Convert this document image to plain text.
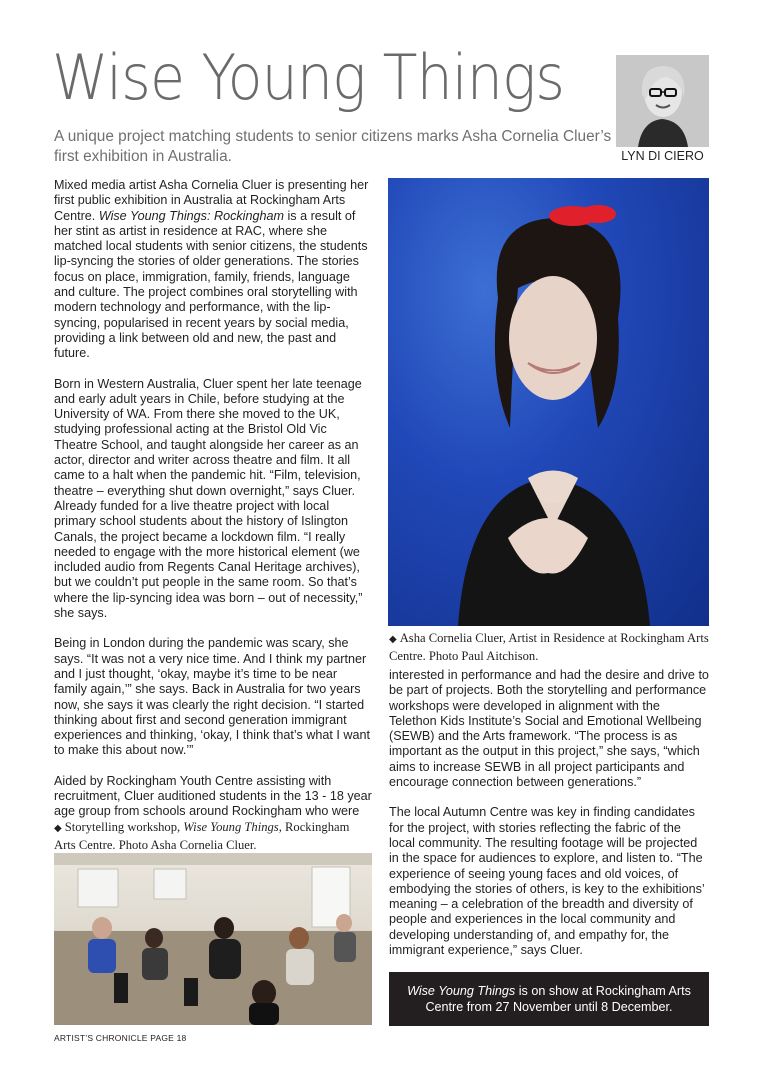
Wise Young Things

A unique project matching students to senior citizens marks Asha Cornelia Cluer’s first exhibition in Australia.	LYN DI CIERO

Mixed media artist Asha Cornelia Cluer is presenting her first public exhibition in Australia at Rockingham Arts Centre. Wise Young Things: Rockingham is a result of her stint as artist in residence at RAC, where she matched local students with senior citizens, the students lip-syncing the stories of older generations. The stories focus on place, immigration, family, friends, language and culture. The project combines oral storytelling with modern technology and performance, with the lip-syncing, popularised in recent years by social media, providing a link between old and new, the past and future.

Born in Western Australia, Cluer spent her late teenage and early adult years in Chile, before studying at the University of WA. From there she moved to the UK, studying professional acting at the Bristol Old Vic Theatre School, and taught alongside her career as an actor, director and writer across theatre and film. It all came to a halt when the pandemic hit. “Film, television, theatre – everything shut down overnight,” says Cluer. Already funded for a live theatre project with local primary school students about the history of Islington Canals, the project became a lockdown film. “I really needed to engage with the more historical element (we included audio from Regents Canal Heritage archives), but we couldn’t put people in the same room. So that’s where the lip-syncing idea was born – out of necessity,” she says.

Being in London during the pandemic was scary, she says. “It was not a very nice time. And I think my partner and I just thought, ‘okay, maybe it’s time to be near family again,’” she says. Back in Australia for two years now, she says it was clearly the right decision. “I started thinking about first and second generation immigrant experiences and thinking, ‘okay, I think that’s what I want to make this about now.’”

Aided by Rockingham Youth Centre assisting with recruitment, Cluer auditioned students in the 13 - 18 year age group from schools around Rockingham who were

◆ Asha Cornelia Cluer, Artist in Residence at Rockingham Arts Centre. Photo Paul Aitchison.

interested in performance and had the desire and drive to be part of projects. Both the storytelling and performance workshops were developed in alignment with the Telethon Kids Institute’s Social and Emotional Wellbeing (SEWB) and the Arts framework. “The process is as important as the output in this project,” she says, “which aims to increase SEWB in all project participants and encourage connection between generations.”

The local Autumn Centre was key in finding candidates for the project, with stories reflecting the fabric of the local community. The resulting footage will be projected in the space for audiences to explore, and listen to. “The experience of seeing young faces and old voices, of embodying the stories of others, is key to the exhibitions’ meaning – a celebration of the breadth and diversity of people and experiences in the local community and developing understanding of, and empathy for, the immigrant experience,” says Cluer.

◆ Storytelling workshop, Wise Young Things, Rockingham Arts Centre. Photo Asha Cornelia Cluer.
Wise Young Things is on show at Rockingham Arts Centre from 27 November until 8 December.
ARTIST’S CHRONICLE PAGE 18
